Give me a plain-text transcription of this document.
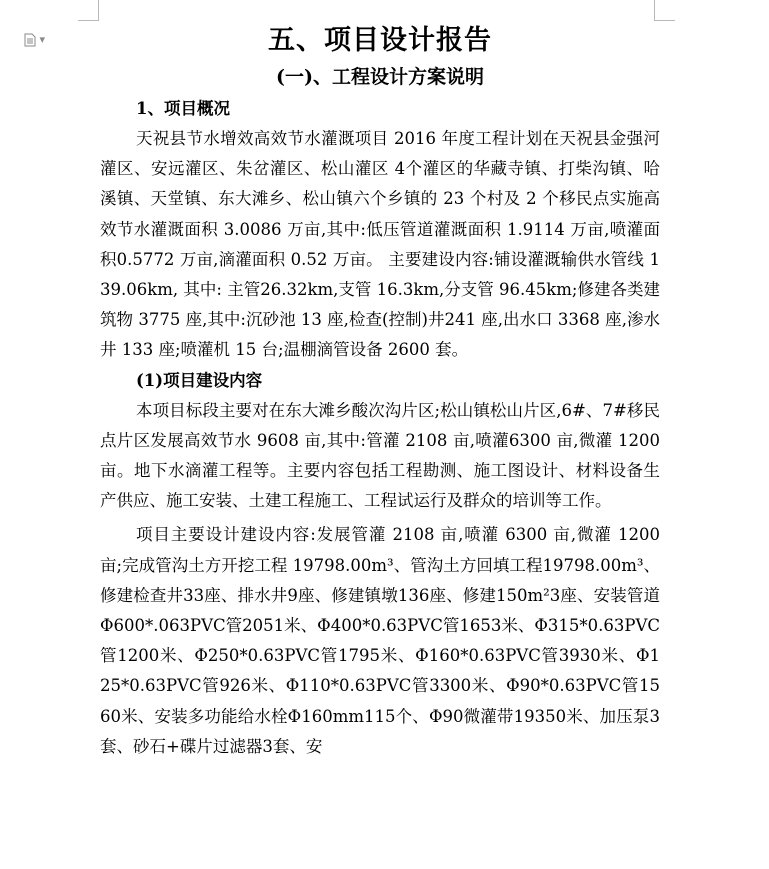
▾	五、项目设计报告

(一)、工程设计方案说明

1、项目概况

天祝县节水增效高效节水灌溉项目 2016 年度工程计划在天祝县金强河灌区、安远灌区、朱岔灌区、松山灌区 4个灌区的华藏寺镇、打柴沟镇、哈溪镇、天堂镇、东大滩乡、松山镇六个乡镇的 23 个村及 2 个移民点实施高效节水灌溉面积 3.0086 万亩,其中:低压管道灌溉面积 1.9114 万亩,喷灌面积0.5772 万亩,滴灌面积 0.52 万亩。 主要建设内容:铺设灌溉输供水管线 139.06km, 其中: 主管26.32km,支管 16.3km,分支管 96.45km;修建各类建筑物 3775 座,其中:沉砂池 13 座,检查(控制)井241 座,出水口 3368 座,渗水井 133 座;喷灌机 15 台;温棚滴管设备 2600 套。

(1)项目建设内容

本项目标段主要对在东大滩乡酸次沟片区;松山镇松山片区,6#、7#移民点片区发展高效节水 9608 亩,其中:管灌 2108 亩,喷灌6300 亩,微灌 1200 亩。地下水滴灌工程等。主要内容包括工程勘测、施工图设计、材料设备生产供应、施工安装、土建工程施工、工程试运行及群众的培训等工作。

项目主要设计建设内容:发展管灌 2108 亩,喷灌 6300 亩,微灌 1200 亩;完成管沟土方开挖工程 19798.00m³、管沟土方回填工程19798.00m³、修建检查井33座、排水井9座、修建镇墩136座、修建150m²3座、安装管道Φ600*.063PVC管2051米、Φ400*0.63PVC管1653米、Φ315*0.63PVC管1200米、Φ250*0.63PVC管1795米、Φ160*0.63PVC管3930米、Φ125*0.63PVC管926米、Φ110*0.63PVC管3300米、Φ90*0.63PVC管1560米、安装多功能给水栓Φ160mm115个、Φ90微灌带19350米、加压泵3套、砂石+碟片过滤器3套、安
